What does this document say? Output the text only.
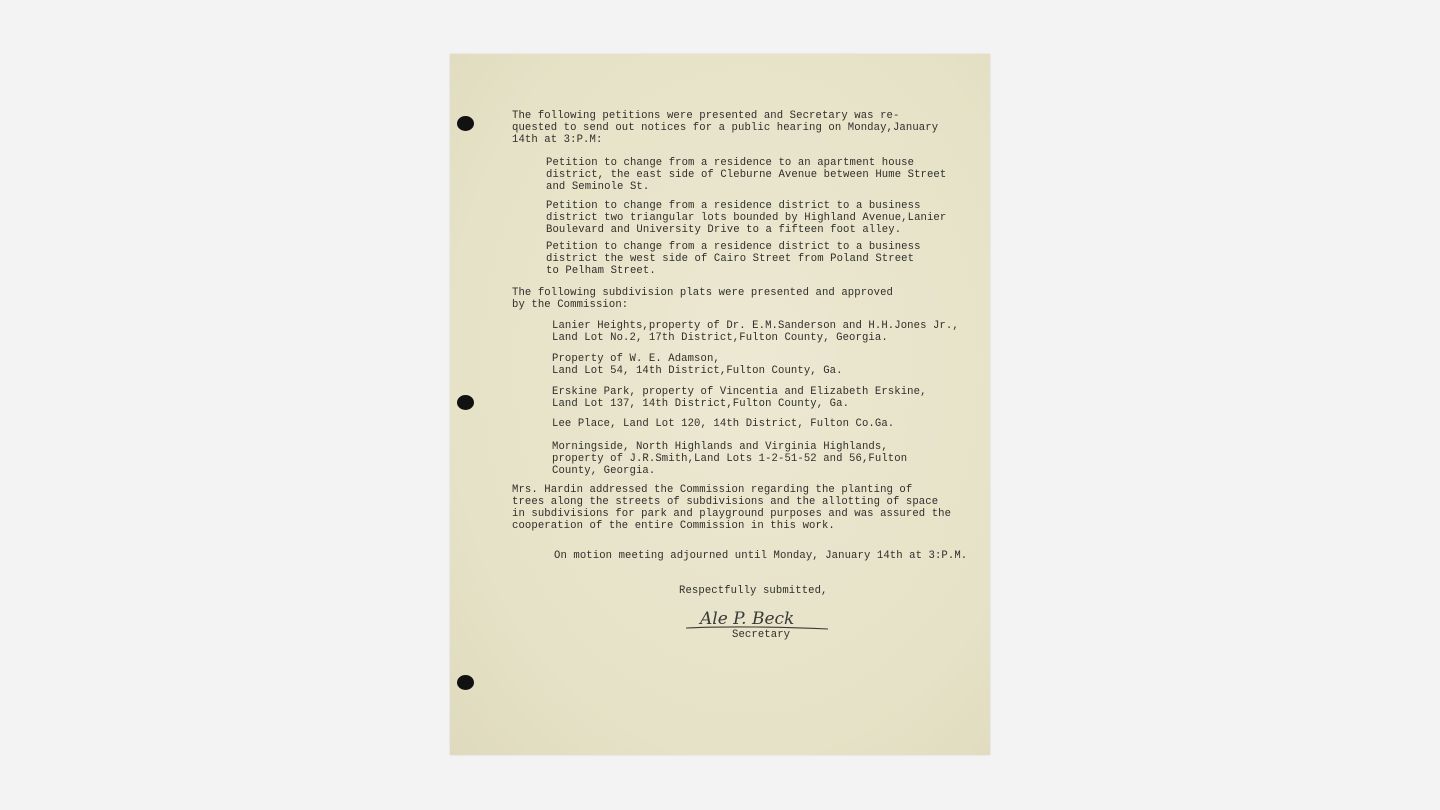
The following petitions were presented and Secretary was re-
quested to send out notices for a public hearing on Monday,January
14th at 3:P.M:

Petition to change from a residence to an apartment house
district, the east side of Cleburne Avenue between Hume Street
and Seminole St.

Petition to change from a residence district to a business
district two triangular lots bounded by Highland Avenue,Lanier
Boulevard and University Drive to a fifteen foot alley.

Petition to change from a residence district to a business
district the west side of Cairo Street from Poland Street
to Pelham Street.

The following subdivision plats were presented and approved
by the Commission:

Lanier Heights,property of Dr. E.M.Sanderson and H.H.Jones Jr.,
Land Lot No.2, 17th District,Fulton County, Georgia.

Property of W. E. Adamson,
Land Lot 54, 14th District,Fulton County, Ga.

Erskine Park, property of Vincentia and Elizabeth Erskine,
Land Lot 137, 14th District,Fulton County, Ga.

Lee Place, Land Lot 120, 14th District, Fulton Co.Ga.

Morningside, North Highlands and Virginia Highlands,
property of J.R.Smith,Land Lots 1-2-51-52 and 56,Fulton
County, Georgia.

Mrs. Hardin addressed the Commission regarding the planting of
trees along the streets of subdivisions and the allotting of space
in subdivisions for park and playground purposes and was assured the
cooperation of the entire Commission in this work.

On motion meeting adjourned until Monday, January 14th at 3:P.M.

Respectfully submitted,

Ale P. Beck

Secretary
